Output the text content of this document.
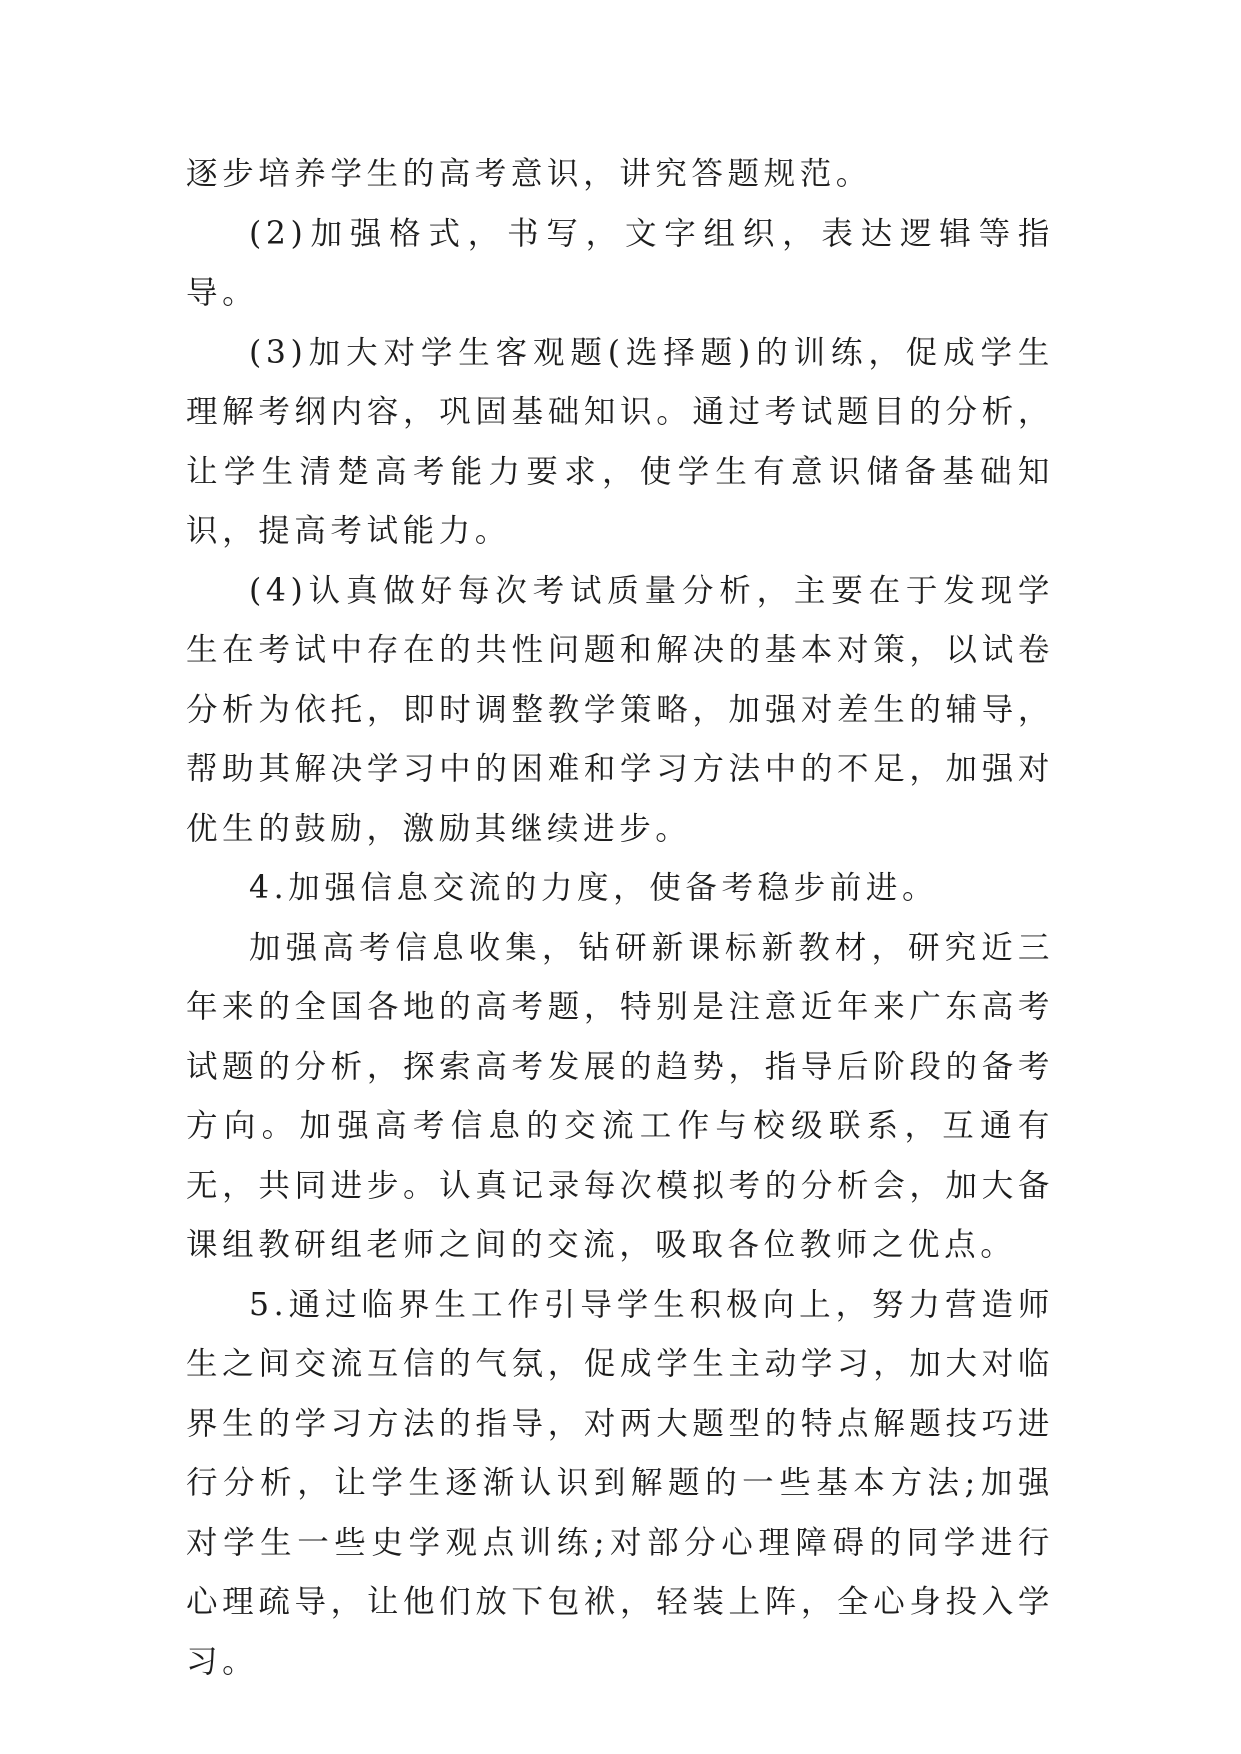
逐步培养学生的高考意识，讲究答题规范。

(2)加强格式，书写，文字组织，表达逻辑等指导。

(3)加大对学生客观题(选择题)的训练，促成学生理解考纲内容，巩固基础知识。通过考试题目的分析，让学生清楚高考能力要求，使学生有意识储备基础知识，提高考试能力。

(4)认真做好每次考试质量分析，主要在于发现学生在考试中存在的共性问题和解决的基本对策，以试卷分析为依托，即时调整教学策略，加强对差生的辅导，帮助其解决学习中的困难和学习方法中的不足，加强对优生的鼓励，激励其继续进步。

4.加强信息交流的力度，使备考稳步前进。

加强高考信息收集，钻研新课标新教材，研究近三年来的全国各地的高考题，特别是注意近年来广东高考试题的分析，探索高考发展的趋势，指导后阶段的备考方向。加强高考信息的交流工作与校级联系，互通有无，共同进步。认真记录每次模拟考的分析会，加大备课组教研组老师之间的交流，吸取各位教师之优点。

5.通过临界生工作引导学生积极向上，努力营造师生之间交流互信的气氛，促成学生主动学习，加大对临界生的学习方法的指导，对两大题型的特点解题技巧进行分析，让学生逐渐认识到解题的一些基本方法;加强对学生一些史学观点训练;对部分心理障碍的同学进行心理疏导，让他们放下包袱，轻装上阵，全心身投入学习。
